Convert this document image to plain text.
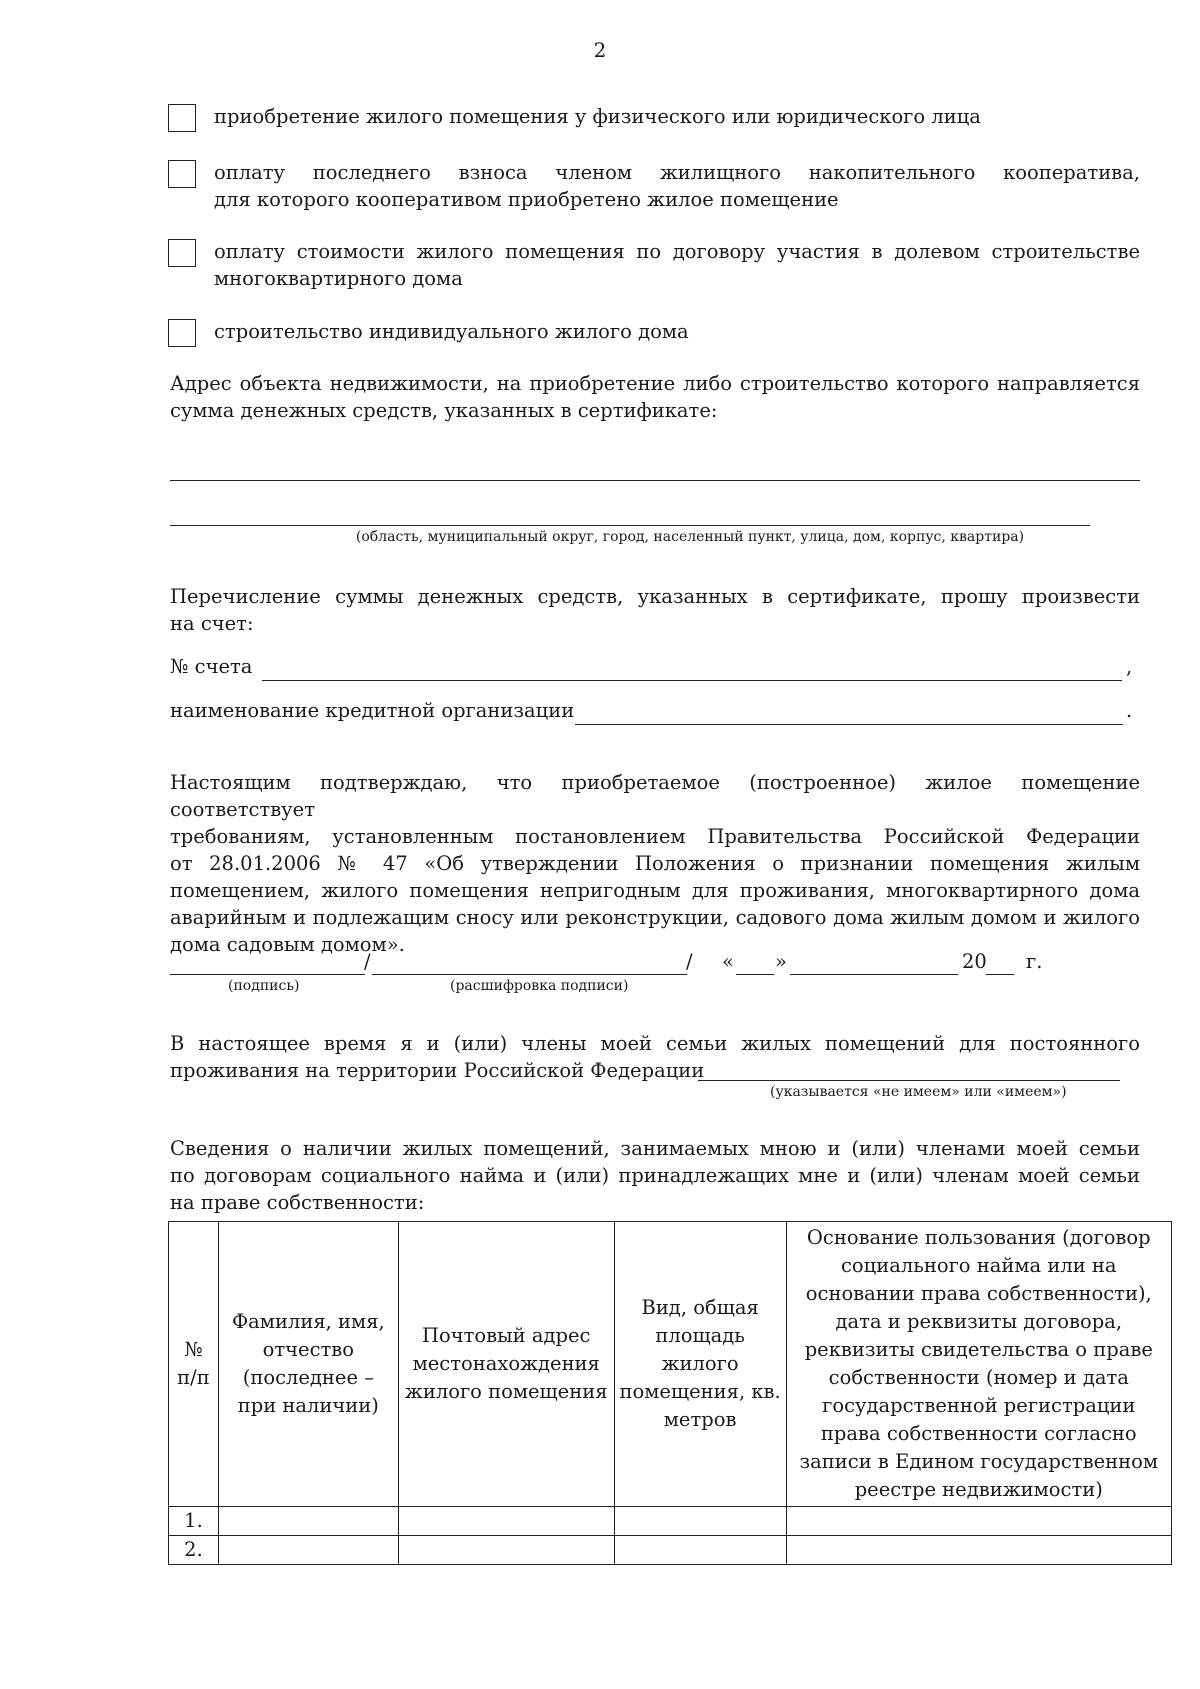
2
приобретение жилого помещения у физического или юридического лица
оплату последнего взноса членом жилищного накопительного кооператива,
для которого кооперативом приобретено жилое помещение
оплату стоимости жилого помещения по договору участия в долевом строительстве
многоквартирного дома
строительство индивидуального жилого дома
Адрес объекта недвижимости, на приобретение либо строительство которого направляется
сумма денежных средств, указанных в сертификате:
(область, муниципальный округ, город, населенный пункт, улица, дом, корпус, квартира)
Перечисление суммы денежных средств, указанных в сертификате, прошу произвести
на счет:
№ счета	,
наименование кредитной организации	.
Настоящим подтверждаю, что приобретаемое (построенное) жилое помещение соответствует
требованиям, установленным постановлением Правительства Российской Федерации
от 28.01.2006 № 47 «Об утверждении Положения о признании помещения жилым
помещением, жилого помещения непригодным для проживания, многоквартирного дома
аварийным и подлежащим сносу или реконструкции, садового дома жилым домом и жилого
дома садовым домом».
/	/ « »	20 г.
(подпись)	(расшифровка подписи)
В настоящее время я и (или) члены моей семьи жилых помещений для постоянного
проживания на территории Российской Федерации
(указывается «не имеем» или «имеем»)
Сведения о наличии жилых помещений, занимаемых мною и (или) членами моей семьи
по договорам социального найма и (или) принадлежащих мне и (или) членам моей семьи
на праве собственности:
№ п/п	Фамилия, имя, отчество (последнее – при наличии)	Почтовый адрес местонахождения жилого помещения	Вид, общая площадь жилого помещения, кв. метров	Основание пользования (договор социального найма или на основании права собственности), дата и реквизиты договора, реквизиты свидетельства о праве собственности (номер и дата государственной регистрации права собственности согласно записи в Едином государственном реестре недвижимости)
1.				
2.				
